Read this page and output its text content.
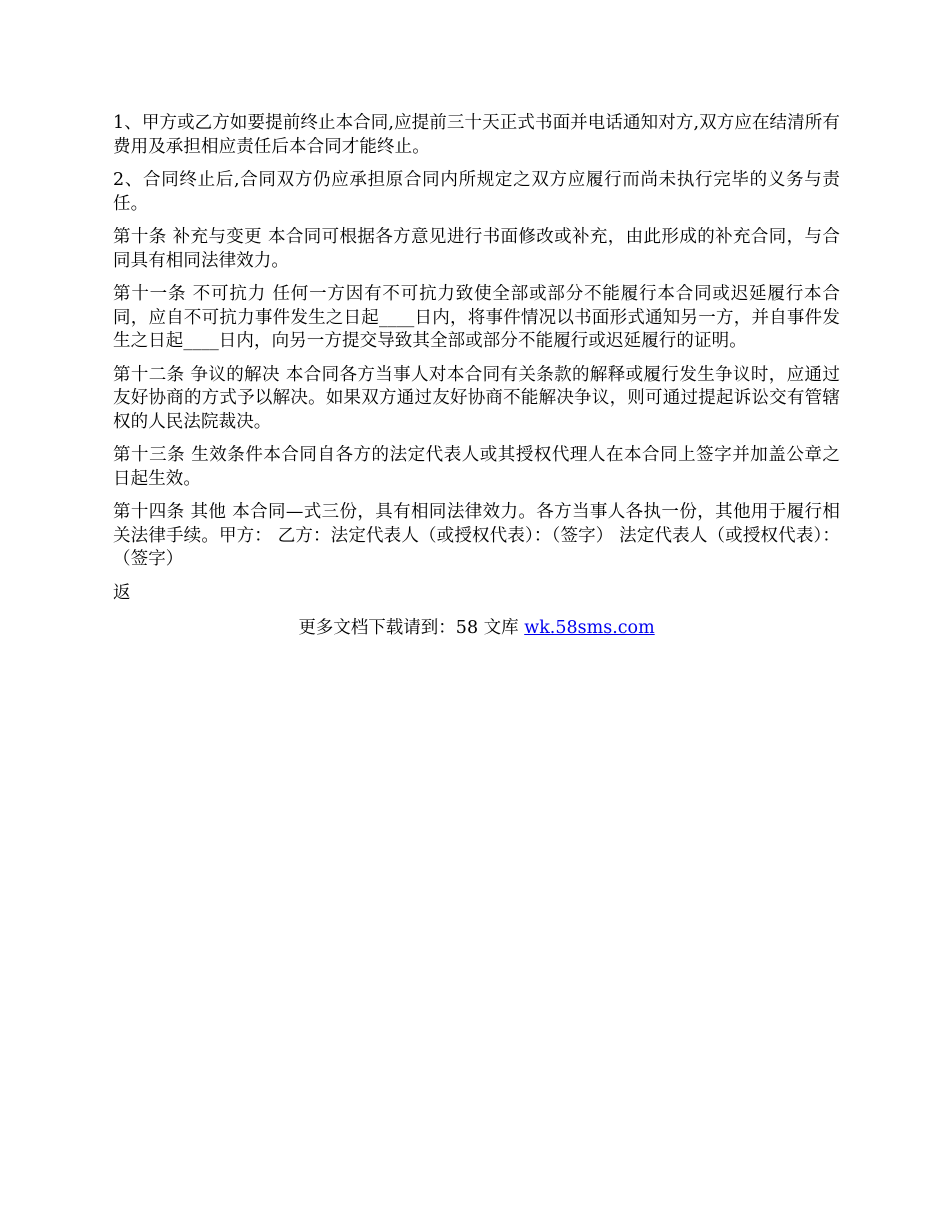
1、甲方或乙方如要提前终止本合同,应提前三十天正式书面并电话通知对方,双方应在结清所有费用及承担相应责任后本合同才能终止。

2、合同终止后,合同双方仍应承担原合同内所规定之双方应履行而尚未执行完毕的义务与责任。

第十条 补充与变更 本合同可根据各方意见进行书面修改或补充，由此形成的补充合同，与合同具有相同法律效力。

第十一条 不可抗力 任何一方因有不可抗力致使全部或部分不能履行本合同或迟延履行本合同，应自不可抗力事件发生之日起____日内，将事件情况以书面形式通知另一方，并自事件发生之日起____日内，向另一方提交导致其全部或部分不能履行或迟延履行的证明。

第十二条 争议的解决 本合同各方当事人对本合同有关条款的解释或履行发生争议时，应通过友好协商的方式予以解决。如果双方通过友好协商不能解决争议，则可通过提起诉讼交有管辖权的人民法院裁决。

第十三条 生效条件本合同自各方的法定代表人或其授权代理人在本合同上签字并加盖公章之日起生效。

第十四条 其他 本合同—式三份，具有相同法律效力。各方当事人各执一份，其他用于履行相关法律手续。甲方： 乙方：法定代表人（或授权代表）：（签字） 法定代表人（或授权代表）：（签字）

返

更多文档下载请到：58 文库 wk.58sms.com
